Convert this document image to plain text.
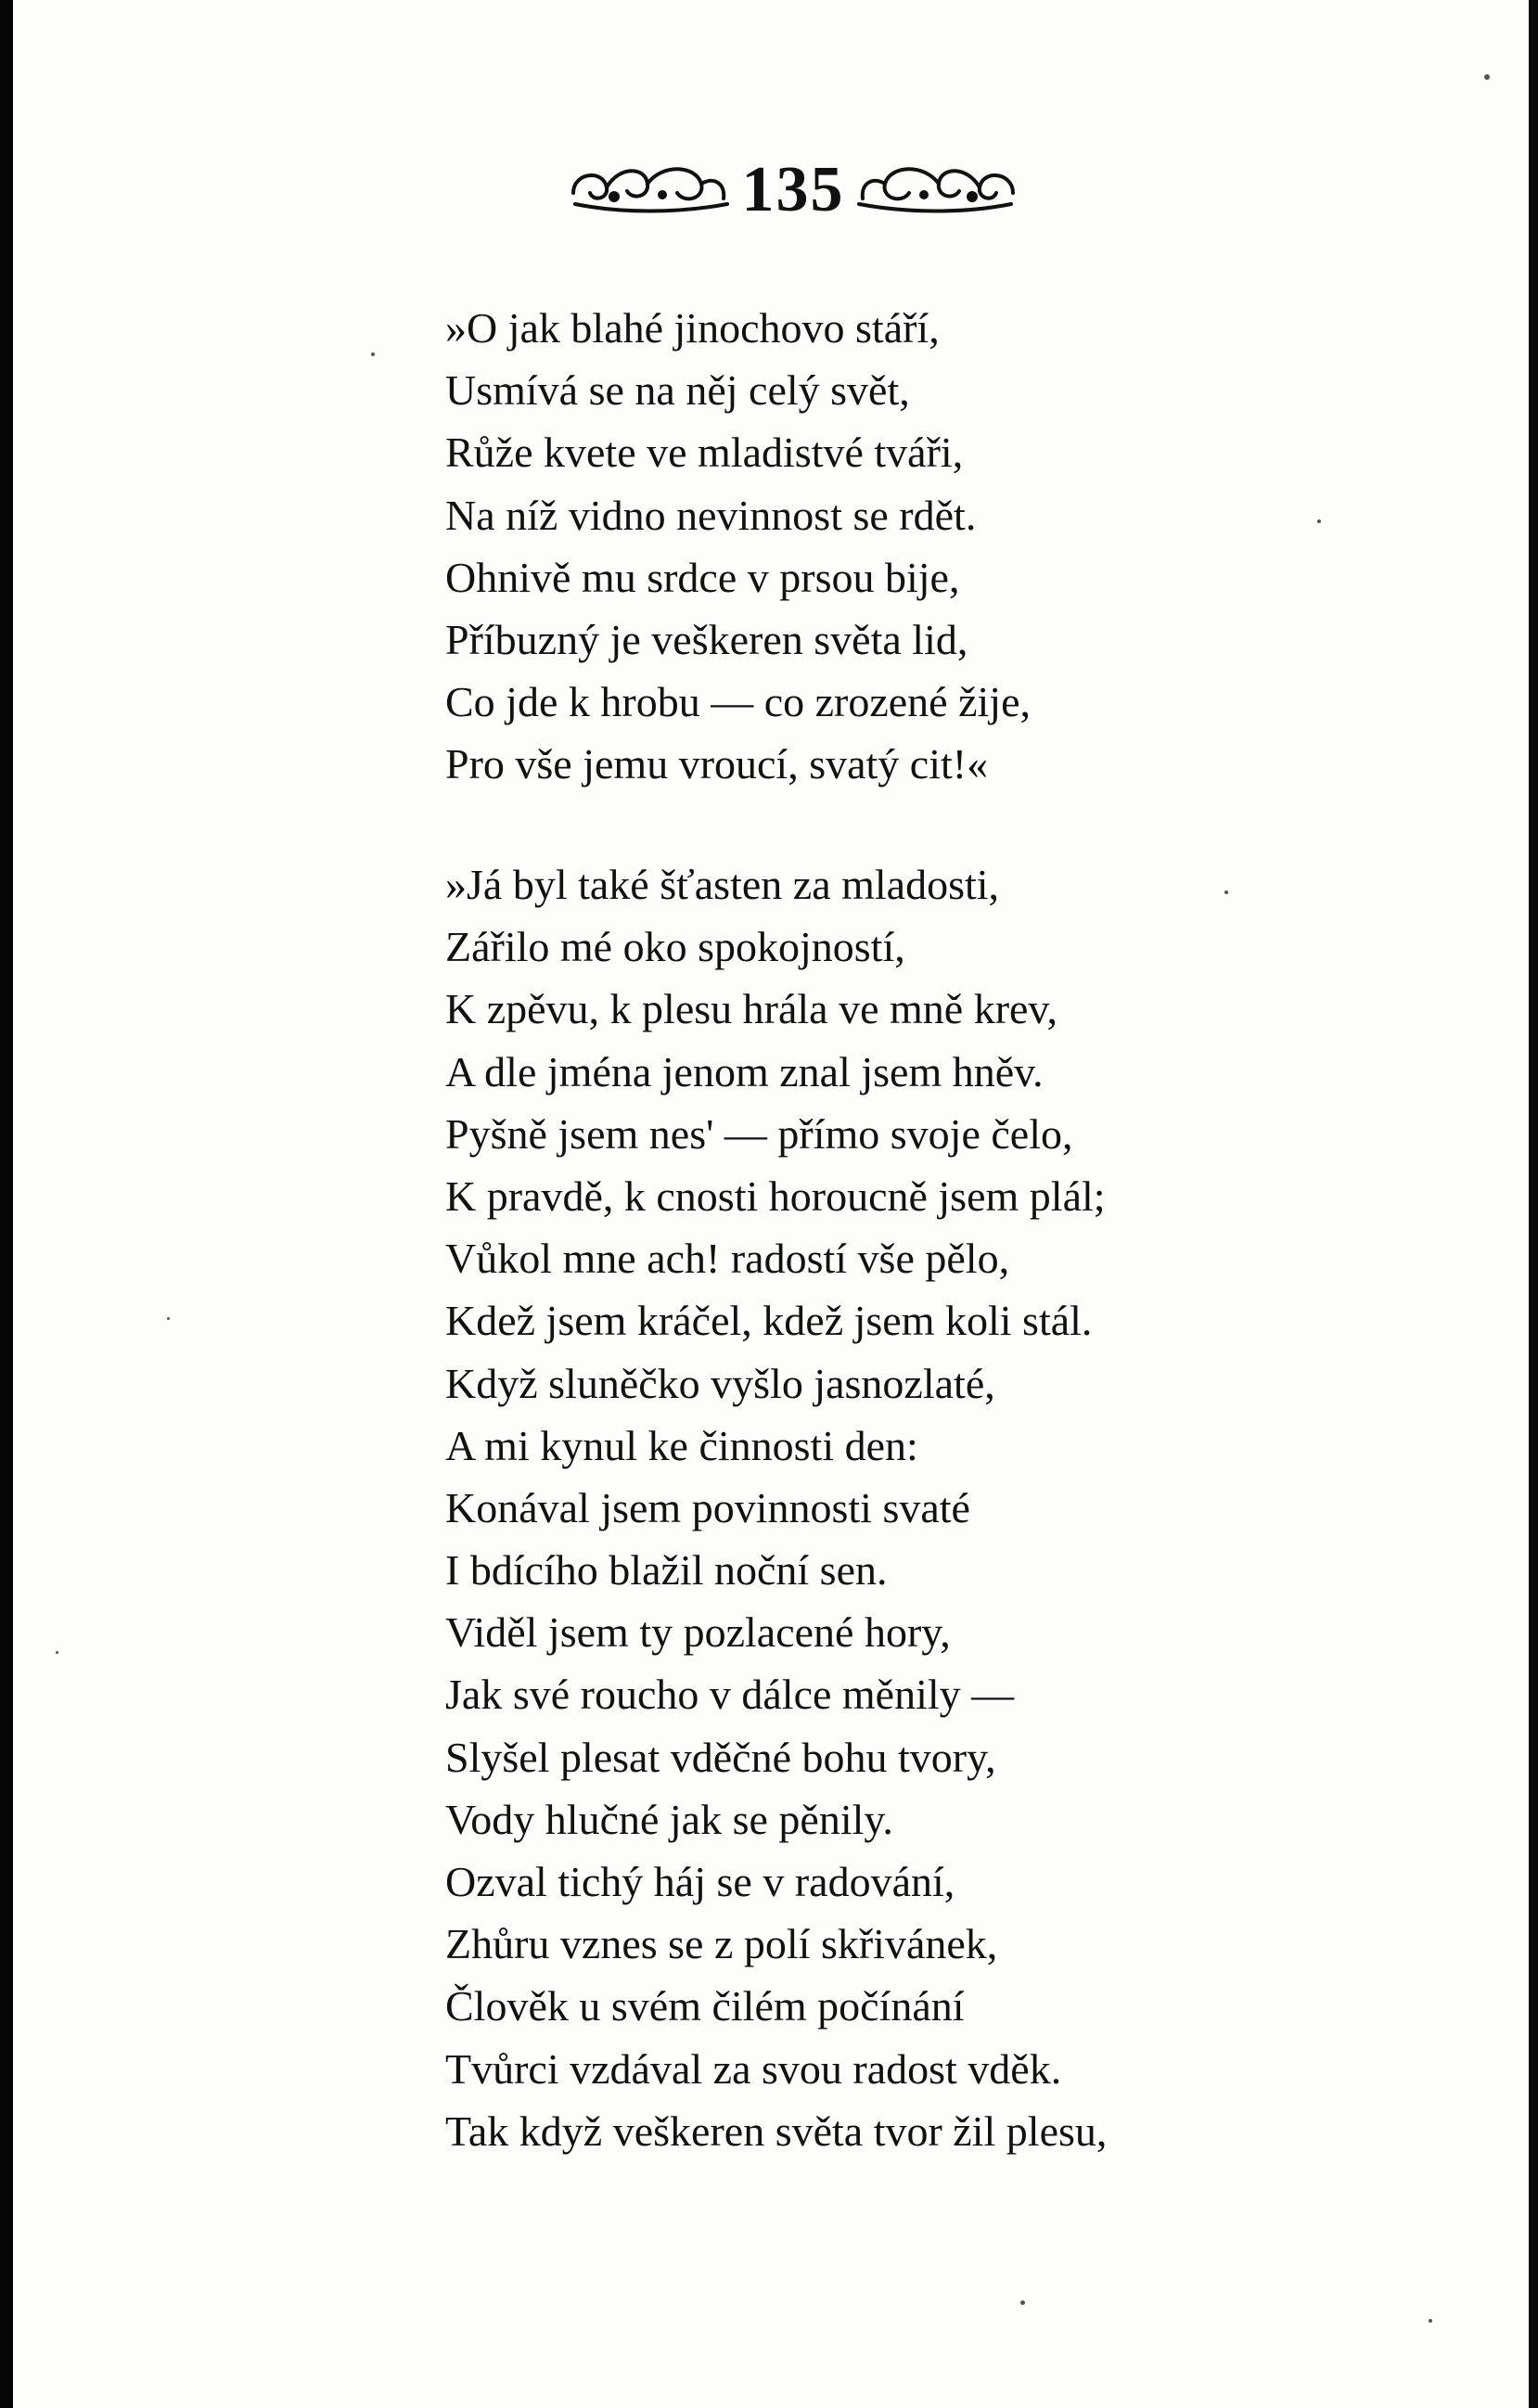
135
»O jak blahé jinochovo stáří,
Usmívá se na něj celý svět,
Růže kvete ve mladistvé tváři,
Na níž vidno nevinnost se rdět.
Ohnivě mu srdce v prsou bije,
Příbuzný je veškeren světa lid,
Co jde k hrobu — co zrozené žije,
Pro vše jemu vroucí, svatý cit!«
»Já byl také šťasten za mladosti,
Zářilo mé oko spokojností,
K zpěvu, k plesu hrála ve mně krev,
A dle jména jenom znal jsem hněv.
Pyšně jsem nes' — přímo svoje čelo,
K pravdě, k cnosti horoucně jsem plál;
Vůkol mne ach! radostí vše pělo,
Kdež jsem kráčel, kdež jsem koli stál.
Když sluněčko vyšlo jasnozlaté,
A mi kynul ke činnosti den:
Konával jsem povinnosti svaté
I bdícího blažil noční sen.
Viděl jsem ty pozlacené hory,
Jak své roucho v dálce měnily —
Slyšel plesat vděčné bohu tvory,
Vody hlučné jak se pěnily.
Ozval tichý háj se v radování,
Zhůru vznes se z polí skřivánek,
Člověk u svém čilém počínání
Tvůrci vzdával za svou radost vděk.
Tak když veškeren světa tvor žil plesu,
